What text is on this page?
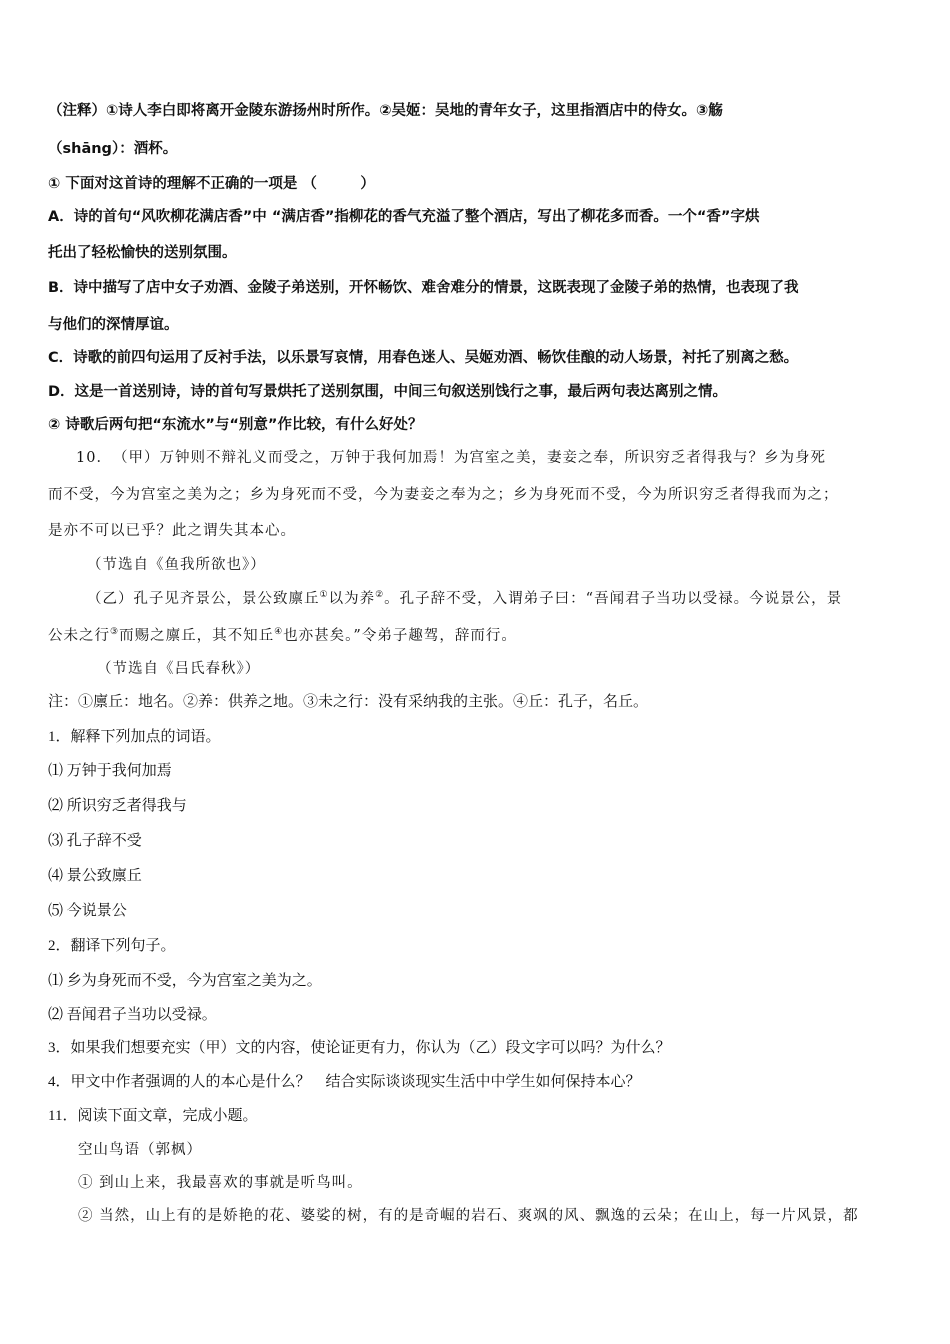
（注释）①诗人李白即将离开金陵东游扬州时所作。②吴姬：吴地的青年女子，这里指酒店中的侍女。③觞
（shāng）：酒杯。
① 下面对这首诗的理解不正确的一项是 （　　　）
A．诗的首句“风吹柳花满店香”中 “满店香”指柳花的香气充溢了整个酒店，写出了柳花多而香。一个“香”字烘
托出了轻松愉快的送别氛围。
B．诗中描写了店中女子劝酒、金陵子弟送别，开怀畅饮、难舍难分的情景，这既表现了金陵子弟的热情，也表现了我
与他们的深情厚谊。
C．诗歌的前四句运用了反衬手法，以乐景写哀情，用春色迷人、吴姬劝酒、畅饮佳酿的动人场景，衬托了别离之愁。
D．这是一首送别诗，诗的首句写景烘托了送别氛围，中间三句叙送别饯行之事，最后两句表达离别之情。
② 诗歌后两句把“东流水”与“别意”作比较，有什么好处？
10．　（甲）万钟则不辩礼义而受之，万钟于我何加焉！为宫室之美，妻妾之奉，所识穷乏者得我与？乡为身死
而不受，今为宫室之美为之；乡为身死而不受，今为妻妾之奉为之；乡为身死而不受，今为所识穷乏者得我而为之；
是亦不可以已乎？此之谓失其本心。
（节选自《鱼我所欲也》）
（乙）孔子见齐景公，景公致廪丘①以为养②。孔子辞不受，入谓弟子曰：“吾闻君子当功以受禄。今说景公，景
公未之行③而赐之廪丘，其不知丘④也亦甚矣。”令弟子趣驾，辞而行。
（节选自《吕氏春秋》）
注：①廪丘：地名。②养：供养之地。③未之行：没有采纳我的主张。④丘：孔子，名丘。
1．解释下列加点的词语。
⑴ 万钟于我何加焉
⑵ 所识穷乏者得我与
⑶ 孔子辞不受
⑷ 景公致廪丘
⑸ 今说景公
2．翻译下列句子。
⑴ 乡为身死而不受，今为宫室之美为之。
⑵ 吾闻君子当功以受禄。
3．如果我们想要充实（甲）文的内容，使论证更有力，你认为（乙）段文字可以吗？为什么？
4．甲文中作者强调的人的本心是什么？　结合实际谈谈现实生活中中学生如何保持本心？
11．阅读下面文章，完成小题。
空山鸟语（郭枫）
① 到山上来，我最喜欢的事就是听鸟叫。
② 当然，山上有的是娇艳的花、婆娑的树，有的是奇崛的岩石、爽飒的风、飘逸的云朵；在山上，每一片风景，都
